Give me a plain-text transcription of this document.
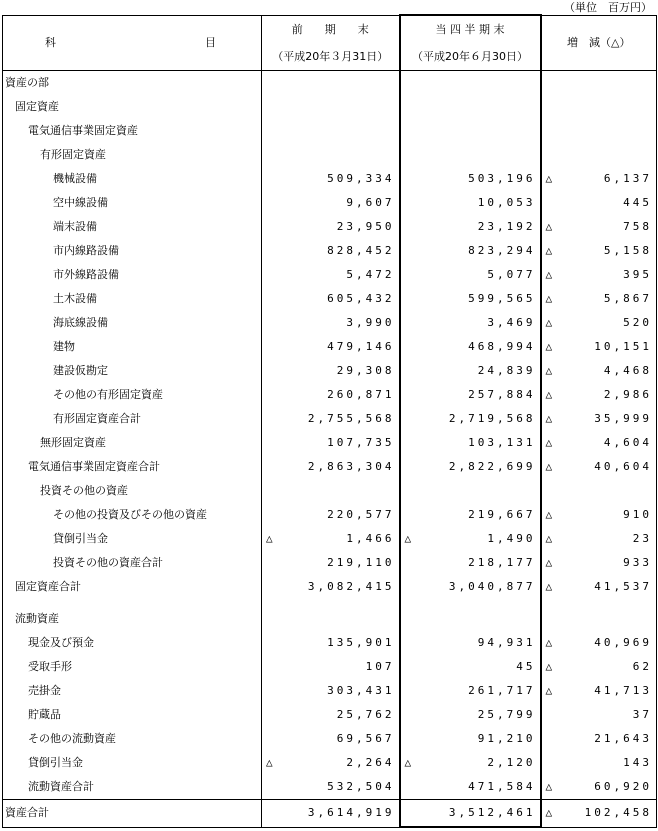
（単位　百万円）
科 目	前　　期　　末	当 四 半 期 末	増　減（△）
	（平成20年３月31日）	（平成20年６月30日）	
資産の部	

固定資産	

電気通信事業固定資産	

有形固定資産	

機械設備	509,334	503,196	△ 6,137

空中線設備	9,607	10,053	445

端末設備	23,950	23,192	△ 758

市内線路設備	828,452	823,294	△ 5,158

市外線路設備	5,472	5,077	△ 395

土木設備	605,432	599,565	△ 5,867

海底線設備	3,990	3,469	△ 520

建物	479,146	468,994	△ 10,151

建設仮勘定	29,308	24,839	△ 4,468

その他の有形固定資産	260,871	257,884	△ 2,986

有形固定資産合計	2,755,568	2,719,568	△ 35,999

無形固定資産	107,735	103,131	△ 4,604

電気通信事業固定資産合計	2,863,304	2,822,699	△ 40,604

投資その他の資産	

その他の投資及びその他の資産	220,577	219,667	△ 910

貸倒引当金	△ 1,466	△ 1,490	△ 23

投資その他の資産合計	219,110	218,177	△ 933

固定資産合計	3,082,415	3,040,877	△ 41,537

流動資産	

現金及び預金	135,901	94,931	△ 40,969

受取手形	107	45	△ 62

売掛金	303,431	261,717	△ 41,713

貯蔵品	25,762	25,799	37

その他の流動資産	69,567	91,210	21,643

貸倒引当金	△ 2,264	△ 2,120	143

流動資産合計	532,504	471,584	△ 60,920

資産合計	3,614,919	3,512,461	△ 102,458
